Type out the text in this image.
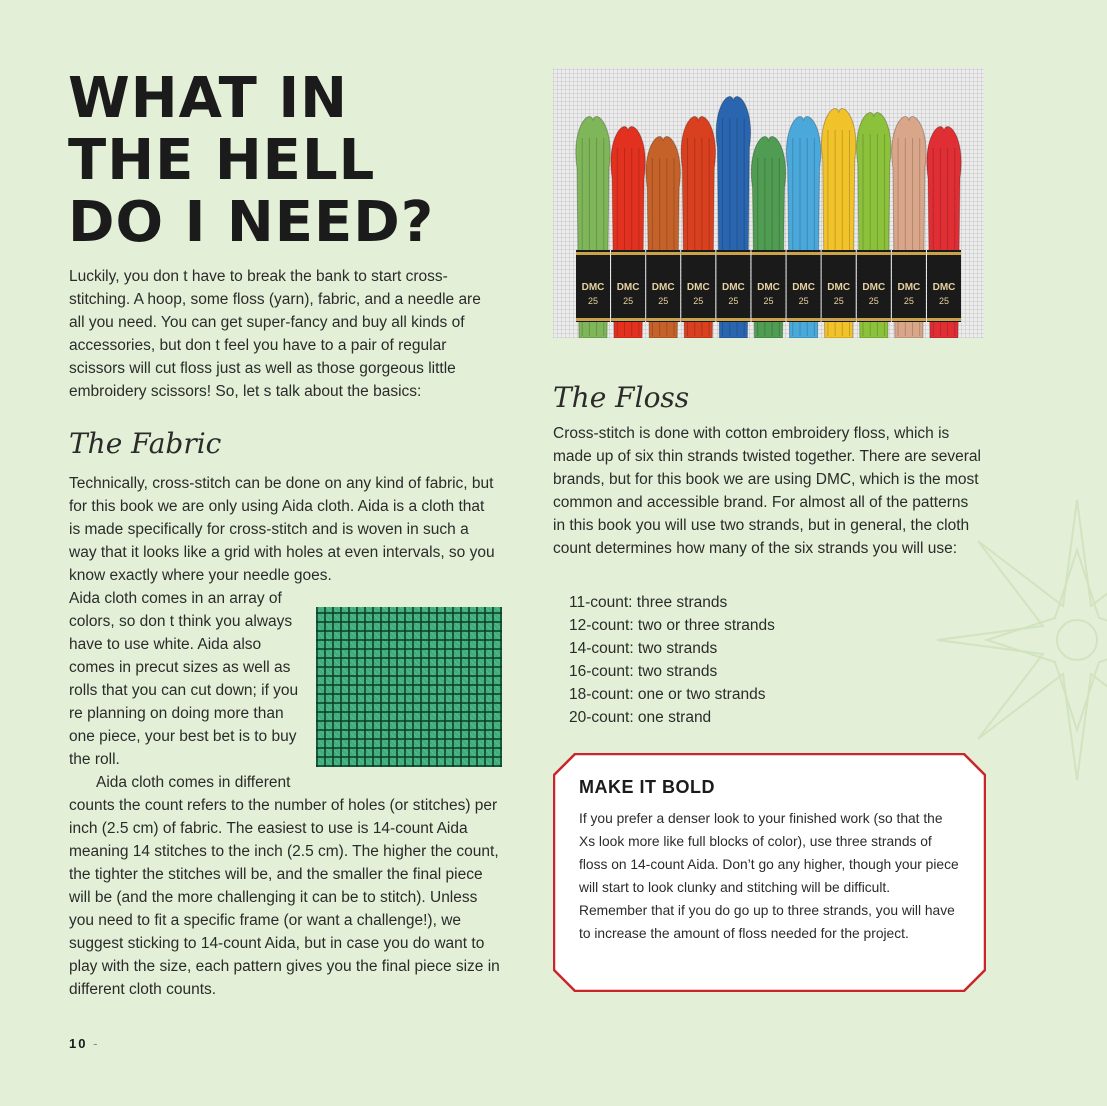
WHAT IN
THE HELL
DO I NEED?

Luckily, you don t have to break the bank to start cross-stitching. A hoop, some floss (yarn), fabric, and a needle are all you need. You can get super-fancy and buy all kinds of accessories, but don t feel you have to a pair of regular scissors will cut floss just as well as those gorgeous little embroidery scissors! So, let s talk about the basics:

The Fabric

Technically, cross-stitch can be done on any kind of fabric, but for this book we are only using Aida cloth. Aida is a cloth that is made specifically for cross-stitch and is woven in such a way that it looks like a grid with holes at even intervals, so you know exactly where your needle goes.

Aida cloth comes in an array of colors, so don t think you always have to use white. Aida also comes in precut sizes as well as rolls that you can cut down; if you re planning on doing more than one piece, your best bet is to buy the roll.

Aida cloth comes in different
counts the count refers to the number of holes (or stitches) per inch (2.5 cm) of fabric. The easiest to use is 14-count Aida meaning 14 stitches to the inch (2.5 cm). The higher the count, the tighter the stitches will be, and the smaller the final piece will be (and the more challenging it can be to stitch). Unless you need to fit a specific frame (or want a challenge!), we suggest sticking to 14-count Aida, but in case you do want to play with the size, each pattern gives you the final piece size in different cloth counts.

DMC
25
DMC
25
DMC
25
DMC
25
DMC
25
DMC
25
DMC
25
DMC
25
DMC
25
DMC
25
DMC
25
The Floss

Cross-stitch is done with cotton embroidery floss, which is made up of six thin strands twisted together. There are several brands, but for this book we are using DMC, which is the most common and accessible brand. For almost all of the patterns in this book you will use two strands, but in general, the cloth count determines how many of the six strands you will use:

11-count: three strands
12-count: two or three strands
14-count: two strands
16-count: two strands
18-count: one or two strands
20-count: one strand
MAKE IT BOLD

If you prefer a denser look to your finished work (so that the Xs look more like full blocks of color), use three strands of floss on 14-count Aida. Don’t go any higher, though your piece will start to look clunky and stitching will be difficult. Remember that if you do go up to three strands, you will have to increase the amount of floss needed for the project.

10 -
